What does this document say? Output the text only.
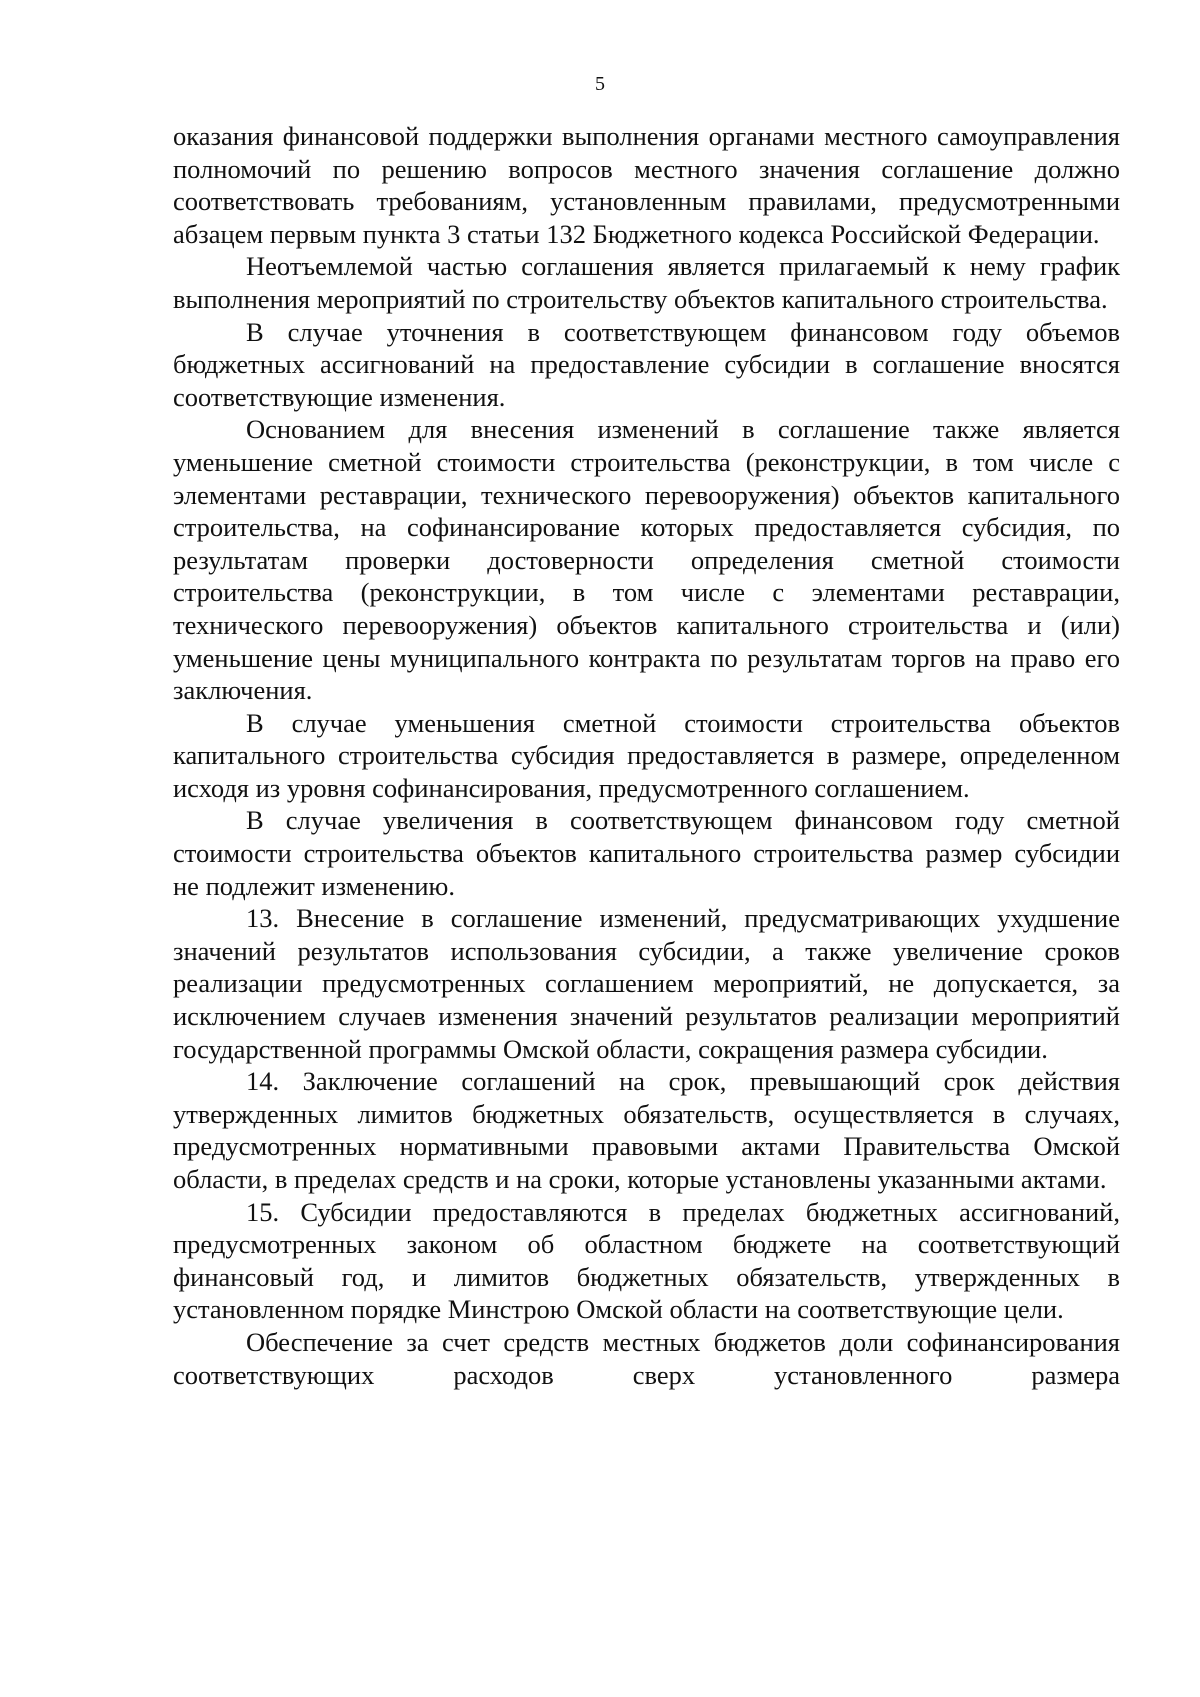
5

оказания финансовой поддержки выполнения органами местного самоуправления полномочий по решению вопросов местного значения соглашение должно соответствовать требованиям, установленным правилами, предусмотренными абзацем первым пункта 3 статьи 132 Бюджетного кодекса Российской Федерации.

Неотъемлемой частью соглашения является прилагаемый к нему график выполнения мероприятий по строительству объектов капитального строительства.

В случае уточнения в соответствующем финансовом году объемов бюджетных ассигнований на предоставление субсидии в соглашение вносятся соответствующие изменения.

Основанием для внесения изменений в соглашение также является уменьшение сметной стоимости строительства (реконструкции, в том числе с элементами реставрации, технического перевооружения) объектов капитального строительства, на софинансирование которых предоставляется субсидия, по результатам проверки достоверности определения сметной стоимости строительства (реконструкции, в том числе с элементами реставрации, технического перевооружения) объектов капитального строительства и (или) уменьшение цены муниципального контракта по результатам торгов на право его заключения.

В случае уменьшения сметной стоимости строительства объектов капитального строительства субсидия предоставляется в размере, определенном исходя из уровня софинансирования, предусмотренного соглашением.

В случае увеличения в соответствующем финансовом году сметной стоимости строительства объектов капитального строительства размер субсидии не подлежит изменению.

13. Внесение в соглашение изменений, предусматривающих ухудшение значений результатов использования субсидии, а также увеличение сроков реализации предусмотренных соглашением мероприятий, не допускается, за исключением случаев изменения значений результатов реализации мероприятий государственной программы Омской области, сокращения размера субсидии.

14. Заключение соглашений на срок, превышающий срок действия утвержденных лимитов бюджетных обязательств, осуществляется в случаях, предусмотренных нормативными правовыми актами Правительства Омской области, в пределах средств и на сроки, которые установлены указанными актами.

15. Субсидии предоставляются в пределах бюджетных ассигнований, предусмотренных законом об областном бюджете на соответствующий финансовый год, и лимитов бюджетных обязательств, утвержденных в установленном порядке Минстрою Омской области на соответствующие цели.

Обеспечение за счет средств местных бюджетов доли софинансирования соответствующих расходов сверх установленного размера
